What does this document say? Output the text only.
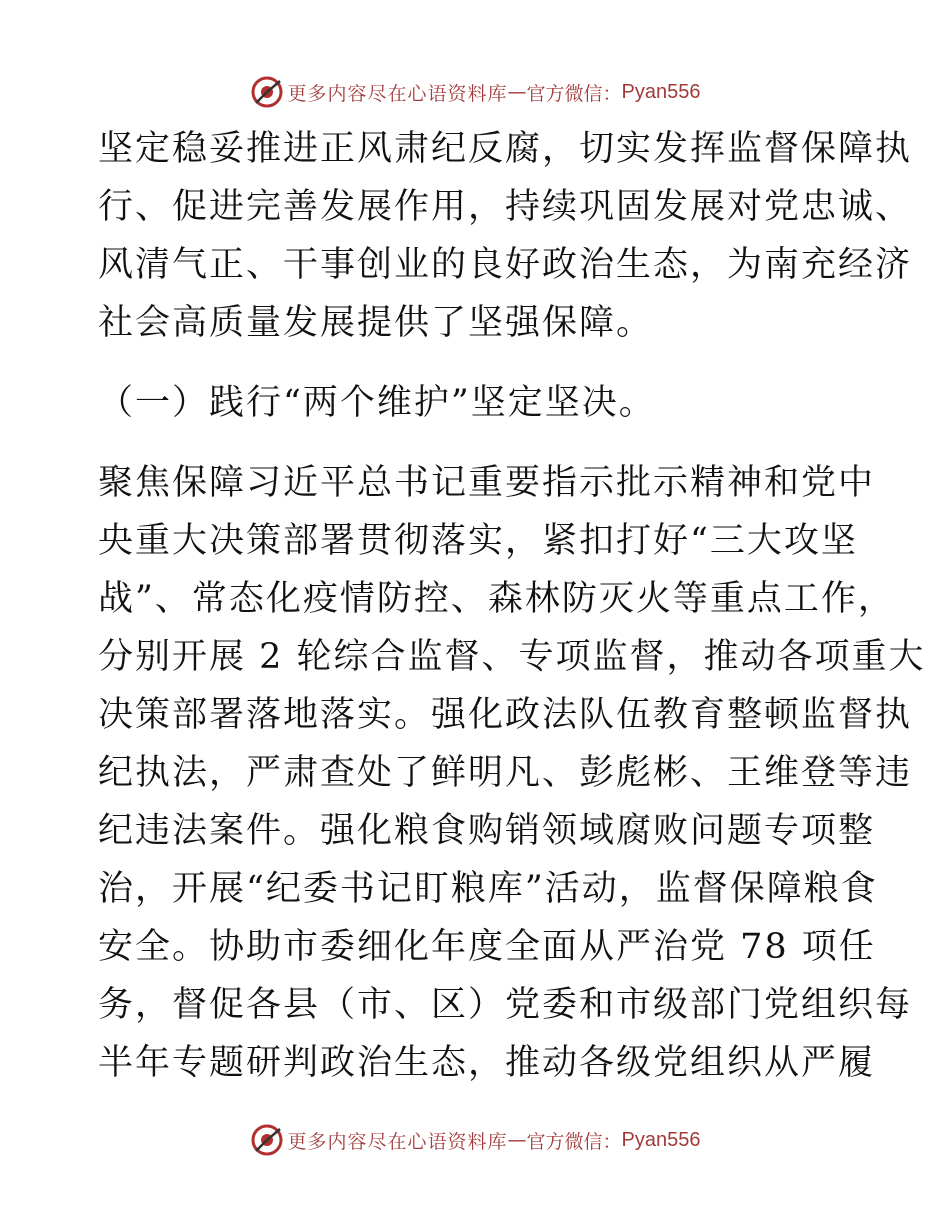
更多内容尽在心语资料库 — 官方微信： Pyan556
坚定稳妥推进正风肃纪反腐，切实发挥监督保障执
行、促进完善发展作用，持续巩固发展对党忠诚、
风清气正、干事创业的良好政治生态，为南充经济
社会高质量发展提供了坚强保障。
（一）践行“两个维护”坚定坚决。
聚焦保障习近平总书记重要指示批示精神和党中
央重大决策部署贯彻落实，紧扣打好“三大攻坚
战”、常态化疫情防控、森林防灭火等重点工作，
分别开展 2 轮综合监督、专项监督，推动各项重大
决策部署落地落实。强化政法队伍教育整顿监督执
纪执法，严肃查处了鲜明凡、彭彪彬、王维登等违
纪违法案件。强化粮食购销领域腐败问题专项整
治，开展“纪委书记盯粮库”活动，监督保障粮食
安全。协助市委细化年度全面从严治党 78 项任
务，督促各县（市、区）党委和市级部门党组织每
半年专题研判政治生态，推动各级党组织从严履
更多内容尽在心语资料库 — 官方微信： Pyan556
